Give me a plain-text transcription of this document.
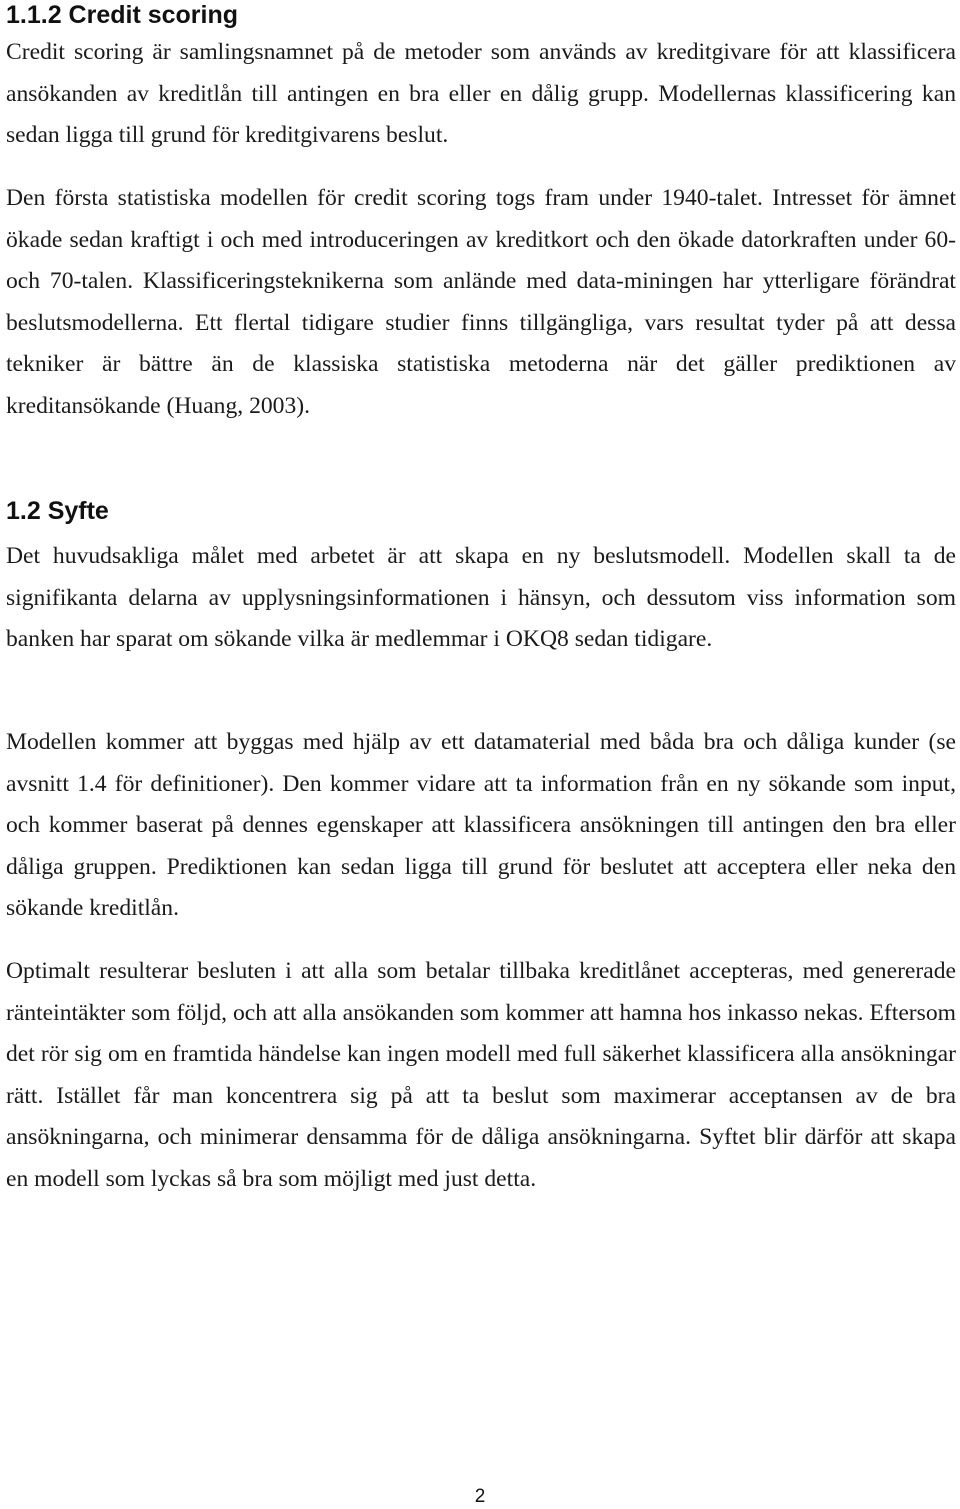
1.1.2 Credit scoring

Credit scoring är samlingsnamnet på de metoder som används av kreditgivare för att klassificera ansökanden av kreditlån till antingen en bra eller en dålig grupp. Modellernas klassificering kan sedan ligga till grund för kreditgivarens beslut.

Den första statistiska modellen för credit scoring togs fram under 1940-talet. Intresset för ämnet ökade sedan kraftigt i och med introduceringen av kreditkort och den ökade datorkraften under 60- och 70-talen. Klassificeringsteknikerna som anlände med data-miningen har ytterligare förändrat beslutsmodellerna. Ett flertal tidigare studier finns tillgängliga, vars resultat tyder på att dessa tekniker är bättre än de klassiska statistiska metoderna när det gäller prediktionen av kreditansökande (Huang, 2003).

1.2 Syfte

Det huvudsakliga målet med arbetet är att skapa en ny beslutsmodell. Modellen skall ta de signifikanta delarna av upplysningsinformationen i hänsyn, och dessutom viss information som banken har sparat om sökande vilka är medlemmar i OKQ8 sedan tidigare.

Modellen kommer att byggas med hjälp av ett datamaterial med båda bra och dåliga kunder (se avsnitt 1.4 för definitioner). Den kommer vidare att ta information från en ny sökande som input, och kommer baserat på dennes egenskaper att klassificera ansökningen till antingen den bra eller dåliga gruppen. Prediktionen kan sedan ligga till grund för beslutet att acceptera eller neka den sökande kreditlån.

Optimalt resulterar besluten i att alla som betalar tillbaka kreditlånet accepteras, med genererade ränteintäkter som följd, och att alla ansökanden som kommer att hamna hos inkasso nekas. Eftersom det rör sig om en framtida händelse kan ingen modell med full säkerhet klassificera alla ansökningar rätt. Istället får man koncentrera sig på att ta beslut som maximerar acceptansen av de bra ansökningarna, och minimerar densamma för de dåliga ansökningarna. Syftet blir därför att skapa en modell som lyckas så bra som möjligt med just detta.

2
